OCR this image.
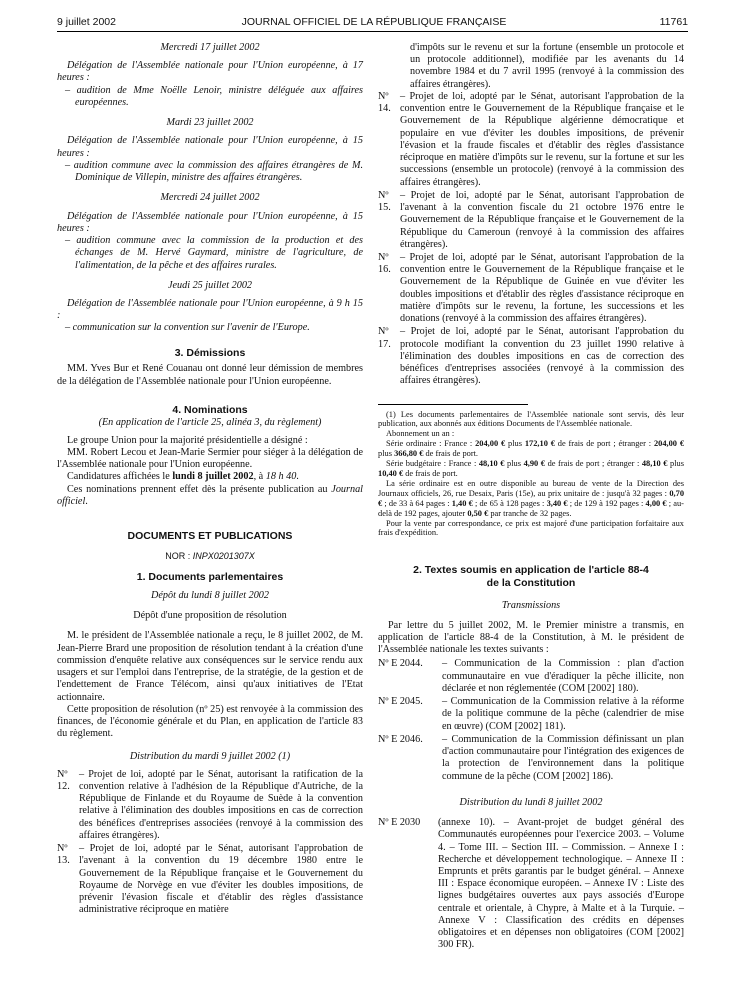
9 juillet 2002	JOURNAL OFFICIEL DE LA RÉPUBLIQUE FRANÇAISE	11761

Mercredi 17 juillet 2002

Délégation de l'Assemblée nationale pour l'Union européenne, à 17 heures :

– audition de Mme Noëlle Lenoir, ministre déléguée aux affaires européennes.

Mardi 23 juillet 2002

Délégation de l'Assemblée nationale pour l'Union européenne, à 15 heures :

– audition commune avec la commission des affaires étrangères de M. Dominique de Villepin, ministre des affaires étrangères.

Mercredi 24 juillet 2002

Délégation de l'Assemblée nationale pour l'Union européenne, à 15 heures :

– audition commune avec la commission de la production et des échanges de M. Hervé Gaymard, ministre de l'agriculture, de l'alimentation, de la pêche et des affaires rurales.

Jeudi 25 juillet 2002

Délégation de l'Assemblée nationale pour l'Union européenne, à 9 h 15 :

– communication sur la convention sur l'avenir de l'Europe.

3. Démissions

MM. Yves Bur et René Couanau ont donné leur démission de membres de la délégation de l'Assemblée nationale pour l'Union européenne.

4. Nominations

(En application de l'article 25, alinéa 3, du règlement)

Le groupe Union pour la majorité présidentielle a désigné :

MM. Robert Lecou et Jean-Marie Sermier pour siéger à la délégation de l'Assemblée nationale pour l'Union européenne.

Candidatures affichées le lundi 8 juillet 2002, à 18 h 40.

Ces nominations prennent effet dès la présente publication au Journal officiel.

DOCUMENTS ET PUBLICATIONS

NOR : INPX0201307X

1. Documents parlementaires

Dépôt du lundi 8 juillet 2002

Dépôt d'une proposition de résolution

M. le président de l'Assemblée nationale a reçu, le 8 juillet 2002, de M. Jean-Pierre Brard une proposition de résolution tendant à la création d'une commission d'enquête relative aux conséquences sur le service rendu aux usagers et sur l'emploi dans l'entreprise, de la stratégie, de la gestion et de l'endettement de France Télécom, ainsi qu'aux initiatives de l'Etat actionnaire.

Cette proposition de résolution (nº 25) est renvoyée à la commission des finances, de l'économie générale et du Plan, en application de l'article 83 du règlement.

Distribution du mardi 9 juillet 2002 (1)

Nº 12.
– Projet de loi, adopté par le Sénat, autorisant la ratification de la convention relative à l'adhésion de la République d'Autriche, de la République de Finlande et du Royaume de Suède à la convention relative à l'élimination des doubles impositions en cas de correction des bénéfices d'entreprises associées (renvoyé à la commission des affaires étrangères).
Nº 13.
– Projet de loi, adopté par le Sénat, autorisant l'approbation de l'avenant à la convention du 19 décembre 1980 entre le Gouvernement de la République française et le Gouvernement du Royaume de Norvège en vue d'éviter les doubles impositions, de prévenir l'évasion fiscale et d'établir des règles d'assistance administrative réciproque en matière

d'impôts sur le revenu et sur la fortune (ensemble un protocole et un protocole additionnel), modifiée par les avenants du 14 novembre 1984 et du 7 avril 1995 (renvoyé à la commission des affaires étrangères).

Nº 14.
– Projet de loi, adopté par le Sénat, autorisant l'approbation de la convention entre le Gouvernement de la République française et le Gouvernement de la République algérienne démocratique et populaire en vue d'éviter les doubles impositions, de prévenir l'évasion et la fraude fiscales et d'établir des règles d'assistance réciproque en matière d'impôts sur le revenu, sur la fortune et sur les successions (ensemble un protocole) (renvoyé à la commission des affaires étrangères).
Nº 15.
– Projet de loi, adopté par le Sénat, autorisant l'approbation de l'avenant à la convention fiscale du 21 octobre 1976 entre le Gouvernement de la République française et le Gouvernement de la République du Cameroun (renvoyé à la commission des affaires étrangères).
Nº 16.
– Projet de loi, adopté par le Sénat, autorisant l'approbation de la convention entre le Gouvernement de la République française et le Gouvernement de la République de Guinée en vue d'éviter les doubles impositions et d'établir des règles d'assistance réciproque en matière d'impôts sur le revenu, la fortune, les successions et les donations (renvoyé à la commission des affaires étrangères).
Nº 17.
– Projet de loi, adopté par le Sénat, autorisant l'approbation du protocole modifiant la convention du 23 juillet 1990 relative à l'élimination des doubles impositions en cas de correction des bénéfices d'entreprises associées (renvoyé à la commission des affaires étrangères).

(1) Les documents parlementaires de l'Assemblée nationale sont servis, dès leur publication, aux abonnés aux éditions Documents de l'Assemblée nationale.

Abonnement un an :

Série ordinaire : France : 204,00 € plus 172,10 € de frais de port ; étranger : 204,00 € plus 366,80 € de frais de port.

Série budgétaire : France : 48,10 € plus 4,90 € de frais de port ; étranger : 48,10 € plus 10,40 € de frais de port.

La série ordinaire est en outre disponible au bureau de vente de la Direction des Journaux officiels, 26, rue Desaix, Paris (15e), au prix unitaire de : jusqu'à 32 pages : 0,70 € ; de 33 à 64 pages : 1,40 € ; de 65 à 128 pages : 3,40 € ; de 129 à 192 pages : 4,00 € ; au-delà de 192 pages, ajouter 0,50 € par tranche de 32 pages.

Pour la vente par correspondance, ce prix est majoré d'une participation forfaitaire aux frais d'expédition.

2. Textes soumis en application de l'article 88-4

de la Constitution

Transmissions

Par lettre du 5 juillet 2002, M. le Premier ministre a transmis, en application de l'article 88-4 de la Constitution, à M. le président de l'Assemblée nationale les textes suivants :

Nº E 2044.	– Communication de la Commission : plan d'action communautaire en vue d'éradiquer la pêche illicite, non déclarée et non réglementée (COM [2002] 180).
Nº E 2045.	– Communication de la Commission relative à la réforme de la politique commune de la pêche (calendrier de mise en œuvre) (COM [2002] 181).
Nº E 2046.	– Communication de la Commission définissant un plan d'action communautaire pour l'intégration des exigences de la protection de l'environnement dans la politique commune de la pêche (COM [2002] 186).

Distribution du lundi 8 juillet 2002

Nº E 2030	(annexe 10). – Avant-projet de budget général des Communautés européennes pour l'exercice 2003. – Volume 4. – Tome III. – Section III. – Commission. – Annexe I : Recherche et développement technologique. – Annexe II : Emprunts et prêts garantis par le budget général. – Annexe III : Espace économique européen. – Annexe IV : Liste des lignes budgétaires ouvertes aux pays associés d'Europe centrale et orientale, à Chypre, à Malte et à la Turquie. – Annexe V : Classification des crédits en dépenses obligatoires et en dépenses non obligatoires (COM [2002] 300 FR).
